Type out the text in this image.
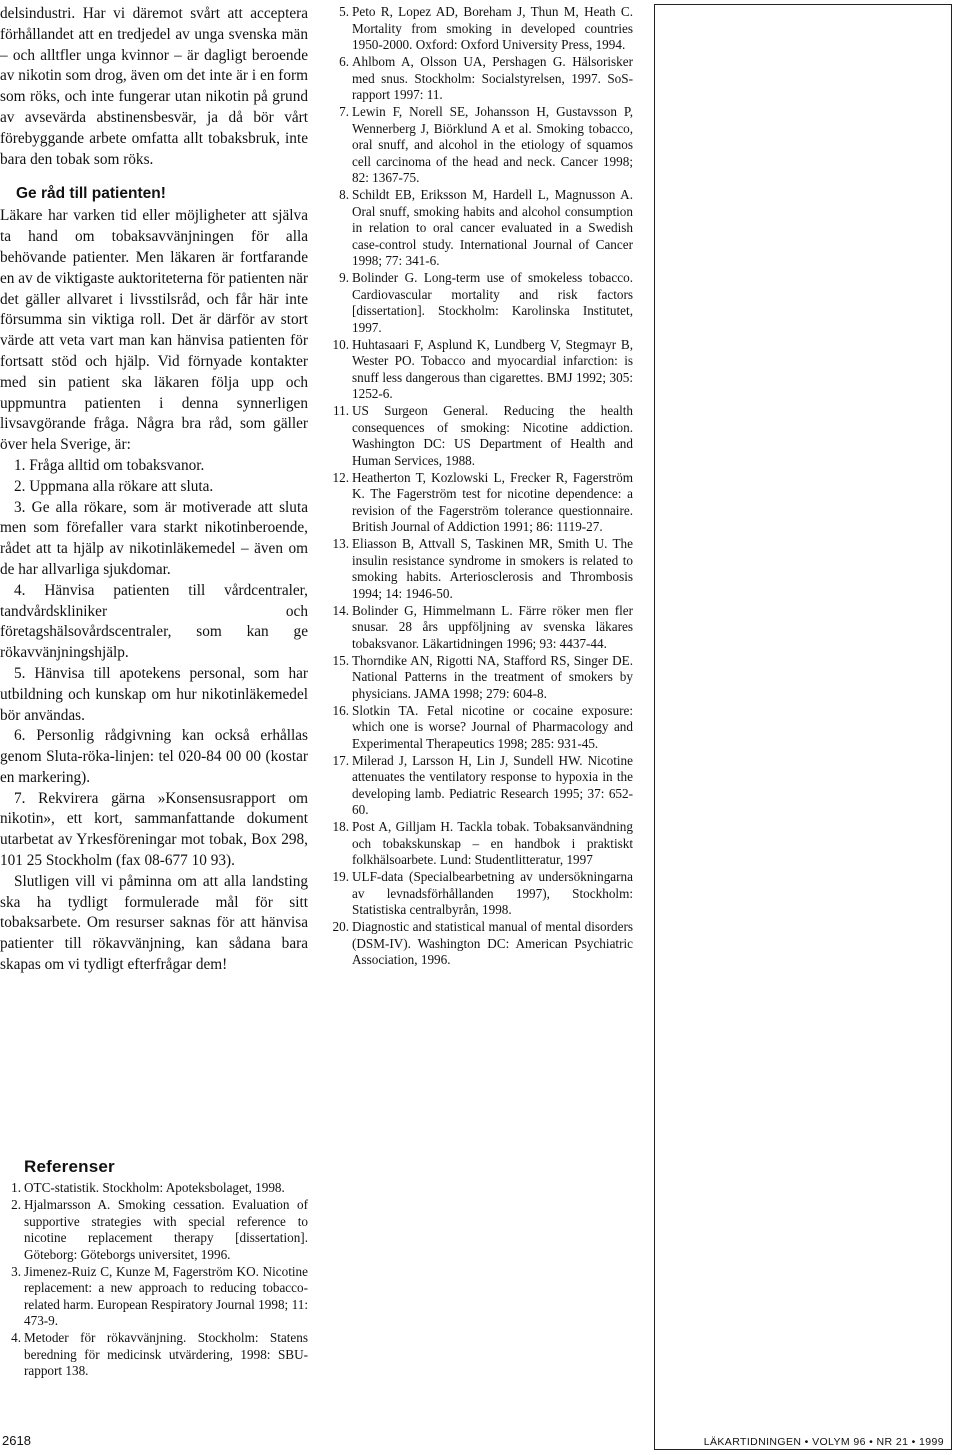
delsindustri. Har vi däremot svårt att acceptera förhållandet att en tredjedel av unga svenska män – och alltfler unga kvinnor – är dagligt beroende av nikotin som drog, även om det inte är i en form som röks, och inte fungerar utan nikotin på grund av avsevärda abstinensbesvär, ja då bör vårt förebyggande arbete omfatta allt tobaksbruk, inte bara den tobak som röks.

Ge råd till patienten!

Läkare har varken tid eller möjligheter att själva ta hand om tobaksavvänjningen för alla behövande patienter. Men läkaren är fortfarande en av de viktigaste auktoriteterna för patienten när det gäller allvaret i livsstilsråd, och får här inte försumma sin viktiga roll. Det är därför av stort värde att veta vart man kan hänvisa patienten för fortsatt stöd och hjälp. Vid förnyade kontakter med sin patient ska läkaren följa upp och uppmuntra patienten i denna synnerligen livsavgörande fråga. Några bra råd, som gäller över hela Sverige, är:

1. Fråga alltid om tobaksvanor.

2. Uppmana alla rökare att sluta.

3. Ge alla rökare, som är motiverade att sluta men som förefaller vara starkt nikotinberoende, rådet att ta hjälp av nikotinläkemedel – även om de har allvarliga sjukdomar.

4. Hänvisa patienten till vårdcentraler, tandvårdskliniker och företagshälsovårdscentraler, som kan ge rökavvänjningshjälp.

5. Hänvisa till apotekens personal, som har utbildning och kunskap om hur nikotinläkemedel bör användas.

6. Personlig rådgivning kan också erhållas genom Sluta-röka-linjen: tel 020-84 00 00 (kostar en markering).

7. Rekvirera gärna »Konsensusrapport om nikotin», ett kort, sammanfattande dokument utarbetat av Yrkesföreningar mot tobak, Box 298, 101 25 Stockholm (fax 08-677 10 93).

Slutligen vill vi påminna om att alla landsting ska ha tydligt formulerade mål för sitt tobaksarbete. Om resurser saknas för att hänvisa patienter till rökavvänjning, kan sådana bara skapas om vi tydligt efterfrågar dem!

Referenser
1. OTC-statistik. Stockholm: Apoteksbolaget, 1998.
2. Hjalmarsson A. Smoking cessation. Evaluation of supportive strategies with special reference to nicotine replacement therapy [dissertation]. Göteborg: Göteborgs universitet, 1996.
3. Jimenez-Ruiz C, Kunze M, Fagerström KO. Nicotine replacement: a new approach to reducing tobacco-related harm. European Respiratory Journal 1998; 11: 473-9.
4. Metoder för rökavvänjning. Stockholm: Statens beredning för medicinsk utvärdering, 1998: SBU-rapport 138.
5. Peto R, Lopez AD, Boreham J, Thun M, Heath C. Mortality from smoking in developed countries 1950-2000. Oxford: Oxford University Press, 1994.
6. Ahlbom A, Olsson UA, Pershagen G. Hälsorisker med snus. Stockholm: Socialstyrelsen, 1997. SoS-rapport 1997: 11.
7. Lewin F, Norell SE, Johansson H, Gustavsson P, Wennerberg J, Biörklund A et al. Smoking tobacco, oral snuff, and alcohol in the etiology of squamos cell carcinoma of the head and neck. Cancer 1998; 82: 1367-75.
8. Schildt EB, Eriksson M, Hardell L, Magnusson A. Oral snuff, smoking habits and alcohol consumption in relation to oral cancer evaluated in a Swedish case-control study. International Journal of Cancer 1998; 77: 341-6.
9. Bolinder G. Long-term use of smokeless tobacco. Cardiovascular mortality and risk factors [dissertation]. Stockholm: Karolinska Institutet, 1997.
10. Huhtasaari F, Asplund K, Lundberg V, Stegmayr B, Wester PO. Tobacco and myocardial infarction: is snuff less dangerous than cigarettes. BMJ 1992; 305: 1252-6.
11. US Surgeon General. Reducing the health consequences of smoking: Nicotine addiction. Washington DC: US Department of Health and Human Services, 1988.
12. Heatherton T, Kozlowski L, Frecker R, Fagerström K. The Fagerström test for nicotine dependence: a revision of the Fagerström tolerance questionnaire. British Journal of Addiction 1991; 86: 1119-27.
13. Eliasson B, Attvall S, Taskinen MR, Smith U. The insulin resistance syndrome in smokers is related to smoking habits. Arteriosclerosis and Thrombosis 1994; 14: 1946-50.
14. Bolinder G, Himmelmann L. Färre röker men fler snusar. 28 års uppföljning av svenska läkares tobaksvanor. Läkartidningen 1996; 93: 4437-44.
15. Thorndike AN, Rigotti NA, Stafford RS, Singer DE. National Patterns in the treatment of smokers by physicians. JAMA 1998; 279: 604-8.
16. Slotkin TA. Fetal nicotine or cocaine exposure: which one is worse? Journal of Pharmacology and Experimental Therapeutics 1998; 285: 931-45.
17. Milerad J, Larsson H, Lin J, Sundell HW. Nicotine attenuates the ventilatory response to hypoxia in the developing lamb. Pediatric Research 1995; 37: 652-60.
18. Post A, Gilljam H. Tackla tobak. Tobaksanvändning och tobakskunskap – en handbok i praktiskt folkhälsoarbete. Lund: Studentlitteratur, 1997
19. ULF-data (Specialbearbetning av undersökningarna av levnadsförhållanden 1997), Stockholm: Statistiska centralbyrån, 1998.
20. Diagnostic and statistical manual of mental disorders (DSM-IV). Washington DC: American Psychiatric Association, 1996.
2618	LÄKARTIDNINGEN • VOLYM 96 • NR 21 • 1999
